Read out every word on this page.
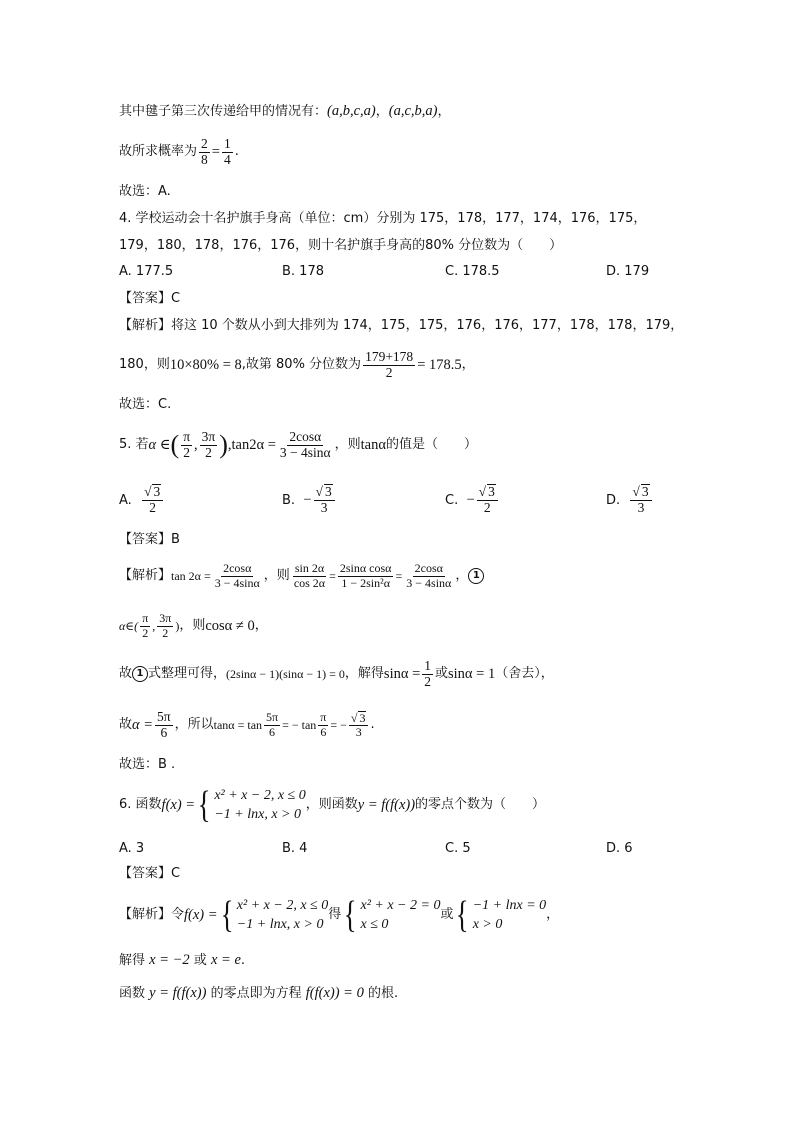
其中毽子第三次传递给甲的情况有：(a,b,c,a)，(a,c,b,a)，
故所求概率为 $\frac{2}{8} = \frac{1}{4}$ .
故选：A.
4. 学校运动会十名护旗手身高（单位：cm）分别为 175，178，177，174，176，175，
179，180，178，176，176，则十名护旗手身高的80% 分位数为（　　）
A. 177.5	B. 178	C. 178.5	D. 179
【答案】C
【解析】将这 10 个数从小到大排列为 174，175，175，176，176，177，178，178，179，
180，则 10×80% = 8 ,故第 80% 分位数为 $\frac{179+178}{2} = 178.5$ ，
故选：C.
5. 若 α ∈ ( $\frac{\pi}{2}$ , $\frac{3\pi}{2}$ ) $,\tan 2\alpha = \frac{2\cos\alpha}{3 - 4\sin\alpha}$ ，则 tanα 的值是（　　）
A.
$\frac{√ 3}{2}$	B.
− $\frac{√ 3}{3}$	C.
− $\frac{√ 3}{2}$	D.
$\frac{√ 3}{3}$
【答案】B
【解析】 $\tan 2\alpha = \frac{2\cos\alpha}{3 - 4\sin\alpha}$ ，则 $\frac{\sin 2\alpha}{\cos 2\alpha} = \frac{\text{2sinα cosα}}{\text{1 − 2sin²α}} = \frac{2\cos\alpha}{3 - 4\sin\alpha}$ ， 1
α∈( $\frac{\pi}{2}$ , $\frac{3\pi}{2}$ ) ，则 cosα ≠ 0 ，
故 1 式整理可得， (2sinα − 1)(sinα − 1) = 0 ，解得 $\sin\alpha = \frac{1}{2}$ 或 sinα = 1 （舍去），
故 $\alpha = \frac{5\pi}{6}$ ，所以 $\tan\alpha = \tan \frac{5\pi}{6}$ = − $\tan \frac{\pi}{6}$ = − $\frac{√ 3}{3}$ .
故选：B .
6. 函数 f(x) = { x² + x − 2, x ≤ 0
−1 + lnx, x > 0
，则函数 y = f(f(x)) 的零点个数为（　　）
A. 3	B. 4	C. 5	D. 6
【答案】C
【解析】令 f(x) = { x² + x − 2, x ≤ 0
−1 + lnx, x > 0
得 { x² + x − 2 = 0
x ≤ 0
或 { −1 + lnx = 0
x > 0
，
解得 x = −2 或 x = e.
函数 y = f(f(x)) 的零点即为方程 f(f(x)) = 0 的根.
